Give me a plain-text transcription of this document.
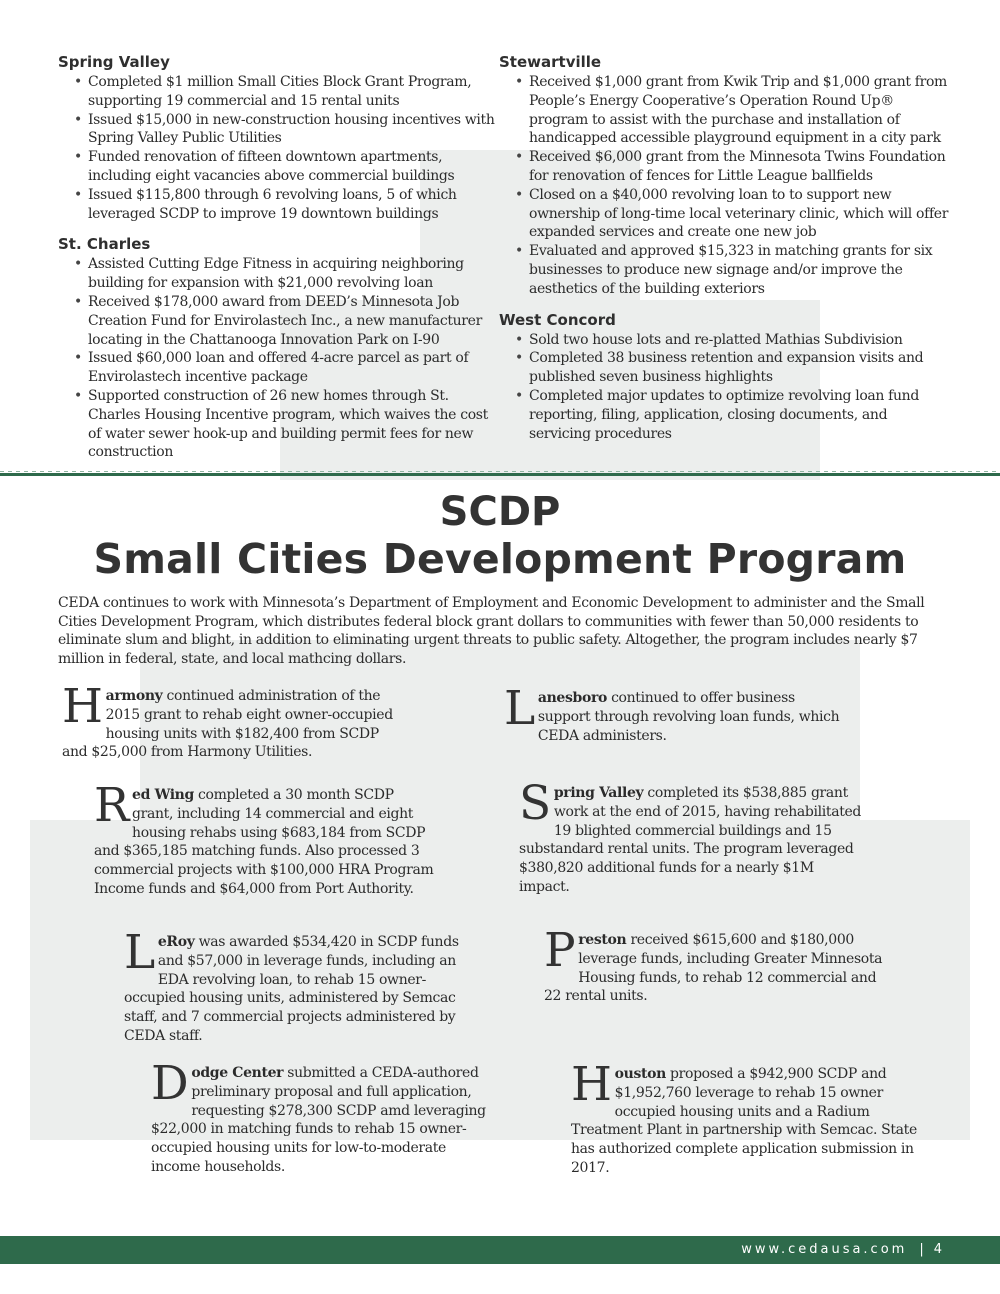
Spring Valley
• Completed $1 million Small Cities Block Grant Program, supporting 19 commercial and 15 rental units
• Issued $15,000 in new-construction housing incentives with Spring Valley Public Utilities
• Funded renovation of fifteen downtown apartments, including eight vacancies above commercial buildings
• Issued $115,800 through 6 revolving loans, 5 of which leveraged SCDP to improve 19 downtown buildings
St. Charles
• Assisted Cutting Edge Fitness in acquiring neighboring building for expansion with $21,000 revolving loan
• Received $178,000 award from DEED’s Minnesota Job Creation Fund for Envirolastech Inc., a new manufacturer locating in the Chattanooga Innovation Park on I-90
• Issued $60,000 loan and offered 4-acre parcel as part of Envirolastech incentive package
• Supported construction of 26 new homes through St. Charles Housing Incentive program, which waives the cost of water sewer hook-up and building permit fees for new construction
Stewartville
• Received $1,000 grant from Kwik Trip and $1,000 grant from People’s Energy Cooperative’s Operation Round Up® program to assist with the purchase and installation of handicapped accessible playground equipment in a city park
• Received $6,000 grant from the Minnesota Twins Foundation for renovation of fences for Little League ballfields
• Closed on a $40,000 revolving loan to to support new ownership of long-time local veterinary clinic, which will offer expanded services and create one new job
• Evaluated and approved $15,323 in matching grants for six businesses to produce new signage and/or improve the aesthetics of the building exteriors
West Concord
• Sold two house lots and re-platted Mathias Subdivision
• Completed 38 business retention and expansion visits and published seven business highlights
• Completed major updates to optimize revolving loan fund reporting, filing, application, closing documents, and servicing procedures
SCDP
Small Cities Development Program

CEDA continues to work with Minnesota’s Department of Employment and Economic Development to administer and the Small Cities Development Program, which distributes federal block grant dollars to communities with fewer than 50,000 residents to eliminate slum and blight, in addition to eliminating urgent threats to public safety. Altogether, the program includes nearly $7 million in federal, state, and local mathcing dollars.

Harmony continued administration of the 2015 grant to rehab eight owner-occupied housing units with $182,400 from SCDP and $25,000 from Harmony Utilities.

Lanesboro continued to offer business support through revolving loan funds, which CEDA administers.

Red Wing completed a 30 month SCDP grant, including 14 commercial and eight housing rehabs using $683,184 from SCDP and $365,185 matching funds. Also processed 3 commercial projects with $100,000 HRA Program Income funds and $64,000 from Port Authority.

Spring Valley completed its $538,885 grant work at the end of 2015, having rehabilitated 19 blighted commercial buildings and 15 substandard rental units. The program leveraged $380,820 additional funds for a nearly $1M impact.

LeRoy was awarded $534,420 in SCDP funds and $57,000 in leverage funds, including an EDA revolving loan, to rehab 15 owner-occupied housing units, administered by Semcac staff, and 7 commercial projects administered by CEDA staff.

Preston received $615,600 and $180,000 leverage funds, including Greater Minnesota Housing funds, to rehab 12 commercial and 22 rental units.

Dodge Center submitted a CEDA-authored preliminary proposal and full application, requesting $278,300 SCDP amd leveraging $22,000 in matching funds to rehab 15 owner-occupied housing units for low-to-moderate income households.

Houston proposed a $942,900 SCDP and $1,952,760 leverage to rehab 15 owner occupied housing units and a Radium Treatment Plant in partnership with Semcac. State has authorized complete application submission in 2017.

www.cedausa.com | 4
